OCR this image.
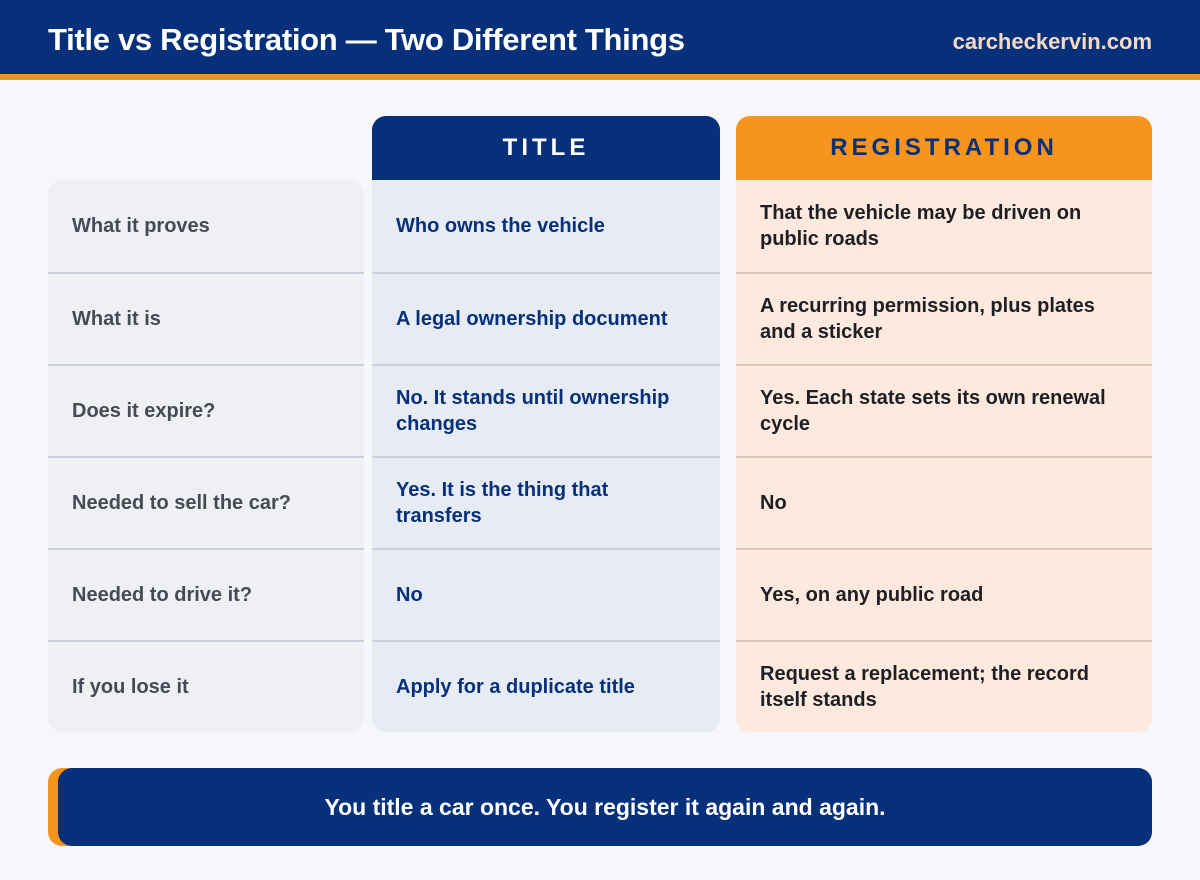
Title vs Registration — Two Different Things	carcheckervin.com
What it proves
What it is
Does it expire?
Needed to sell the car?
Needed to drive it?
If you lose it
TITLE
Who owns the vehicle
A legal ownership document
No. It stands until ownership changes
Yes. It is the thing that transfers
No
Apply for a duplicate title
REGISTRATION
That the vehicle may be driven on public roads
A recurring permission, plus plates and a sticker
Yes. Each state sets its own renewal cycle
No
Yes, on any public road
Request a replacement; the record itself stands
You title a car once. You register it again and again.
